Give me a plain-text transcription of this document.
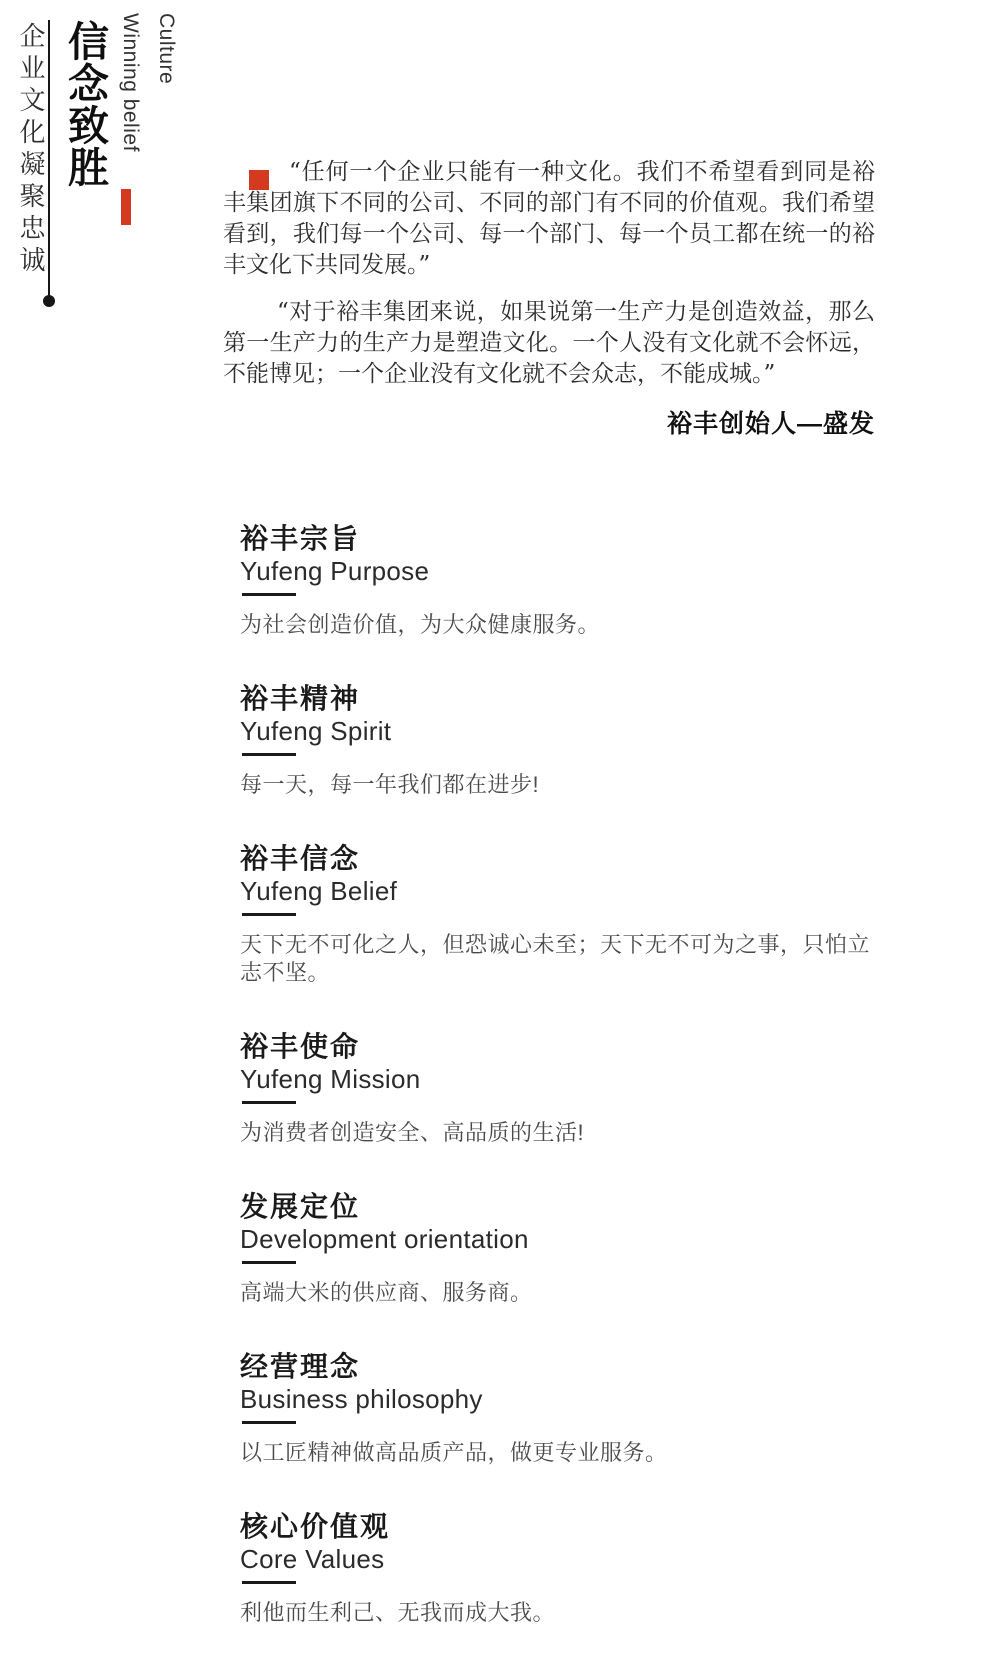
企业文化凝聚忠诚 信念致胜	Culture
Winning belief

“任何一个企业只能有一种文化。我们不希望看到同是裕丰集团旗下不同的公司、不同的部门有不同的价值观。我们希望看到，我们每一个公司、每一个部门、每一个员工都在统一的裕丰文化下共同发展。”

“对于裕丰集团来说，如果说第一生产力是创造效益，那么第一生产力的生产力是塑造文化。一个人没有文化就不会怀远，不能博见；一个企业没有文化就不会众志，不能成城。”

裕丰创始人—盛发

裕丰宗旨
Yufeng Purpose

为社会创造价值，为大众健康服务。

裕丰精神
Yufeng Spirit

每一天，每一年我们都在进步!

裕丰信念
Yufeng Belief

天下无不可化之人，但恐诚心未至；天下无不可为之事，只怕立志不坚。

裕丰使命
Yufeng Mission

为消费者创造安全、高品质的生活!

发展定位
Development orientation

高端大米的供应商、服务商。

经营理念
Business philosophy

以工匠精神做高品质产品，做更专业服务。

核心价值观
Core Values

利他而生利己、无我而成大我。
